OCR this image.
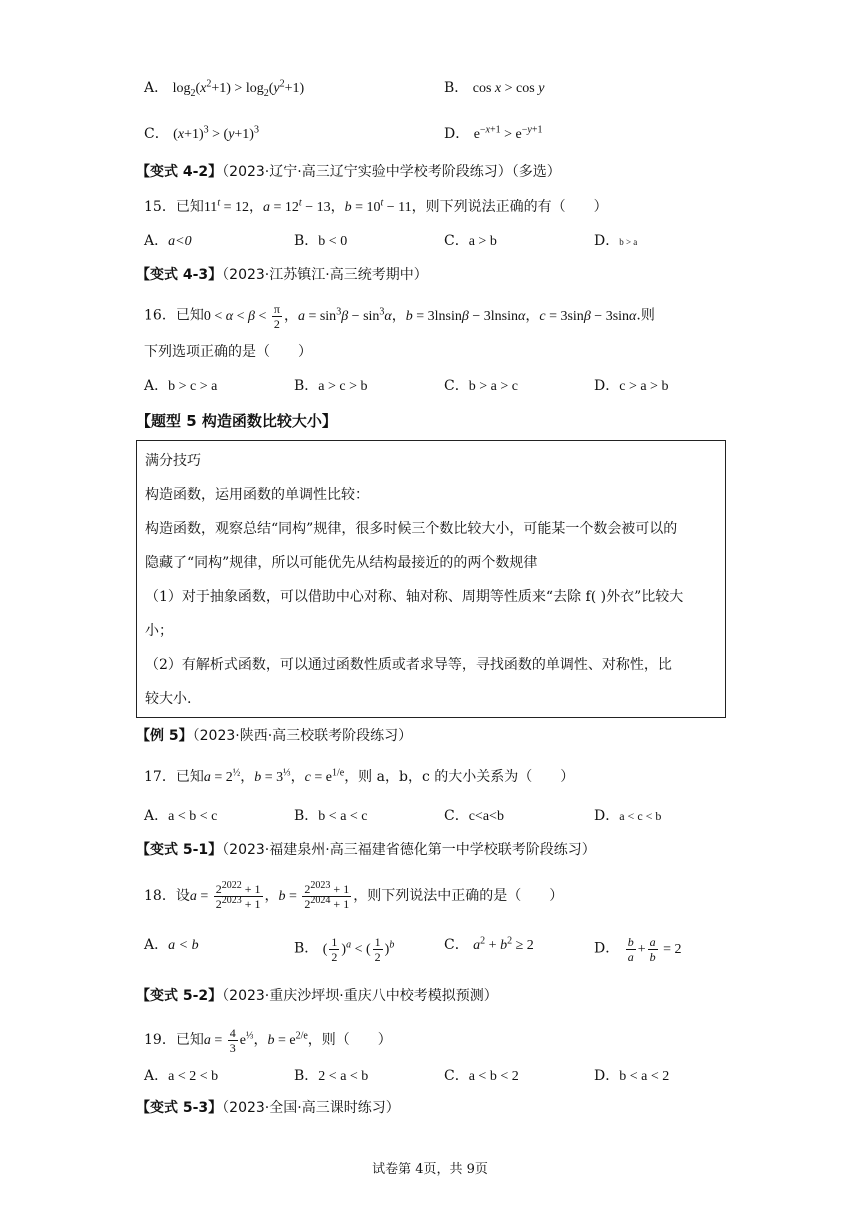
A． $\log_2(x^2+1) > \log_2(y^2+1)$	B． cos x > cos y
C． $(x+1)^3 > (y+1)^3$	D． $e^{-x+1} > e^{-y+1}$
【变式 4-2】（2023·辽宁·高三辽宁实验中学校考阶段练习）（多选）
15．已知$11^t = 12$，$a = 12^t - 13$，$b = 10^t - 11$，则下列说法正确的有（　　）
A．a<0	B．b < 0	C．a > b	D．b > a
【变式 4-3】（2023·江苏镇江·高三统考期中）
16．已知$0 < \alpha < \beta < \frac{\pi}{2}$ ，$a = \sin^3\beta - \sin^3\alpha$，b = 3lnsinβ − 3lnsinα，c = 3sinβ − 3sinα.则
下列选项正确的是（　　）
A．b > c > a	B．a > c > b	C．b > a > c	D．c > a > b
【题型 5 构造函数比较大小】
满分技巧
构造函数，运用函数的单调性比较：
构造函数，观察总结“同构”规律，很多时候三个数比较大小，可能某一个数会被可以的
隐藏了“同构”规律，所以可能优先从结构最接近的的两个数规律
（1）对于抽象函数，可以借助中心对称、轴对称、周期等性质来“去除 f( )外衣”比较大
小；
（2）有解析式函数，可以通过函数性质或者求导等，寻找函数的单调性、对称性，比
较大小.
【例 5】（2023·陕西·高三校联考阶段练习）
17．已知$a = 2^{\frac{1}{2}}$，$b = 3^{\frac{1}{3}}$，$c = e^{1/e}$，则 a，b，c 的大小关系为（　　）
A．a < b < c	B．b < a < c	C．c<a<b	D．a < c < b
【变式 5-1】（2023·福建泉州·高三福建省德化第一中学校联考阶段练习）
18．设$a = \frac{2^{2022} + 1}{2^{2023} + 1}$ ，$b = \frac{2^{2023} + 1}{2^{2024} + 1}$ ，则下列说法中正确的是（　　）
A．a < b	B． ( $\frac{1}{2} )^a$ < ( $\frac{1}{2} )^b$	C． $a^2 + b^2 \ge 2$	D． $\frac{b}{a} + \frac{a}{b} = 2$
【变式 5-2】（2023·重庆沙坪坝·重庆八中校考模拟预测）
19．已知$a = \frac{4}{3} e^{\frac{1}{3}}$，$b = e^{2/e}$，则（　　）
A．a < 2 < b	B．2 < a < b	C．a < b < 2	D．b < a < 2
【变式 5-3】（2023·全国·高三课时练习）
试卷第 4页，共 9页
